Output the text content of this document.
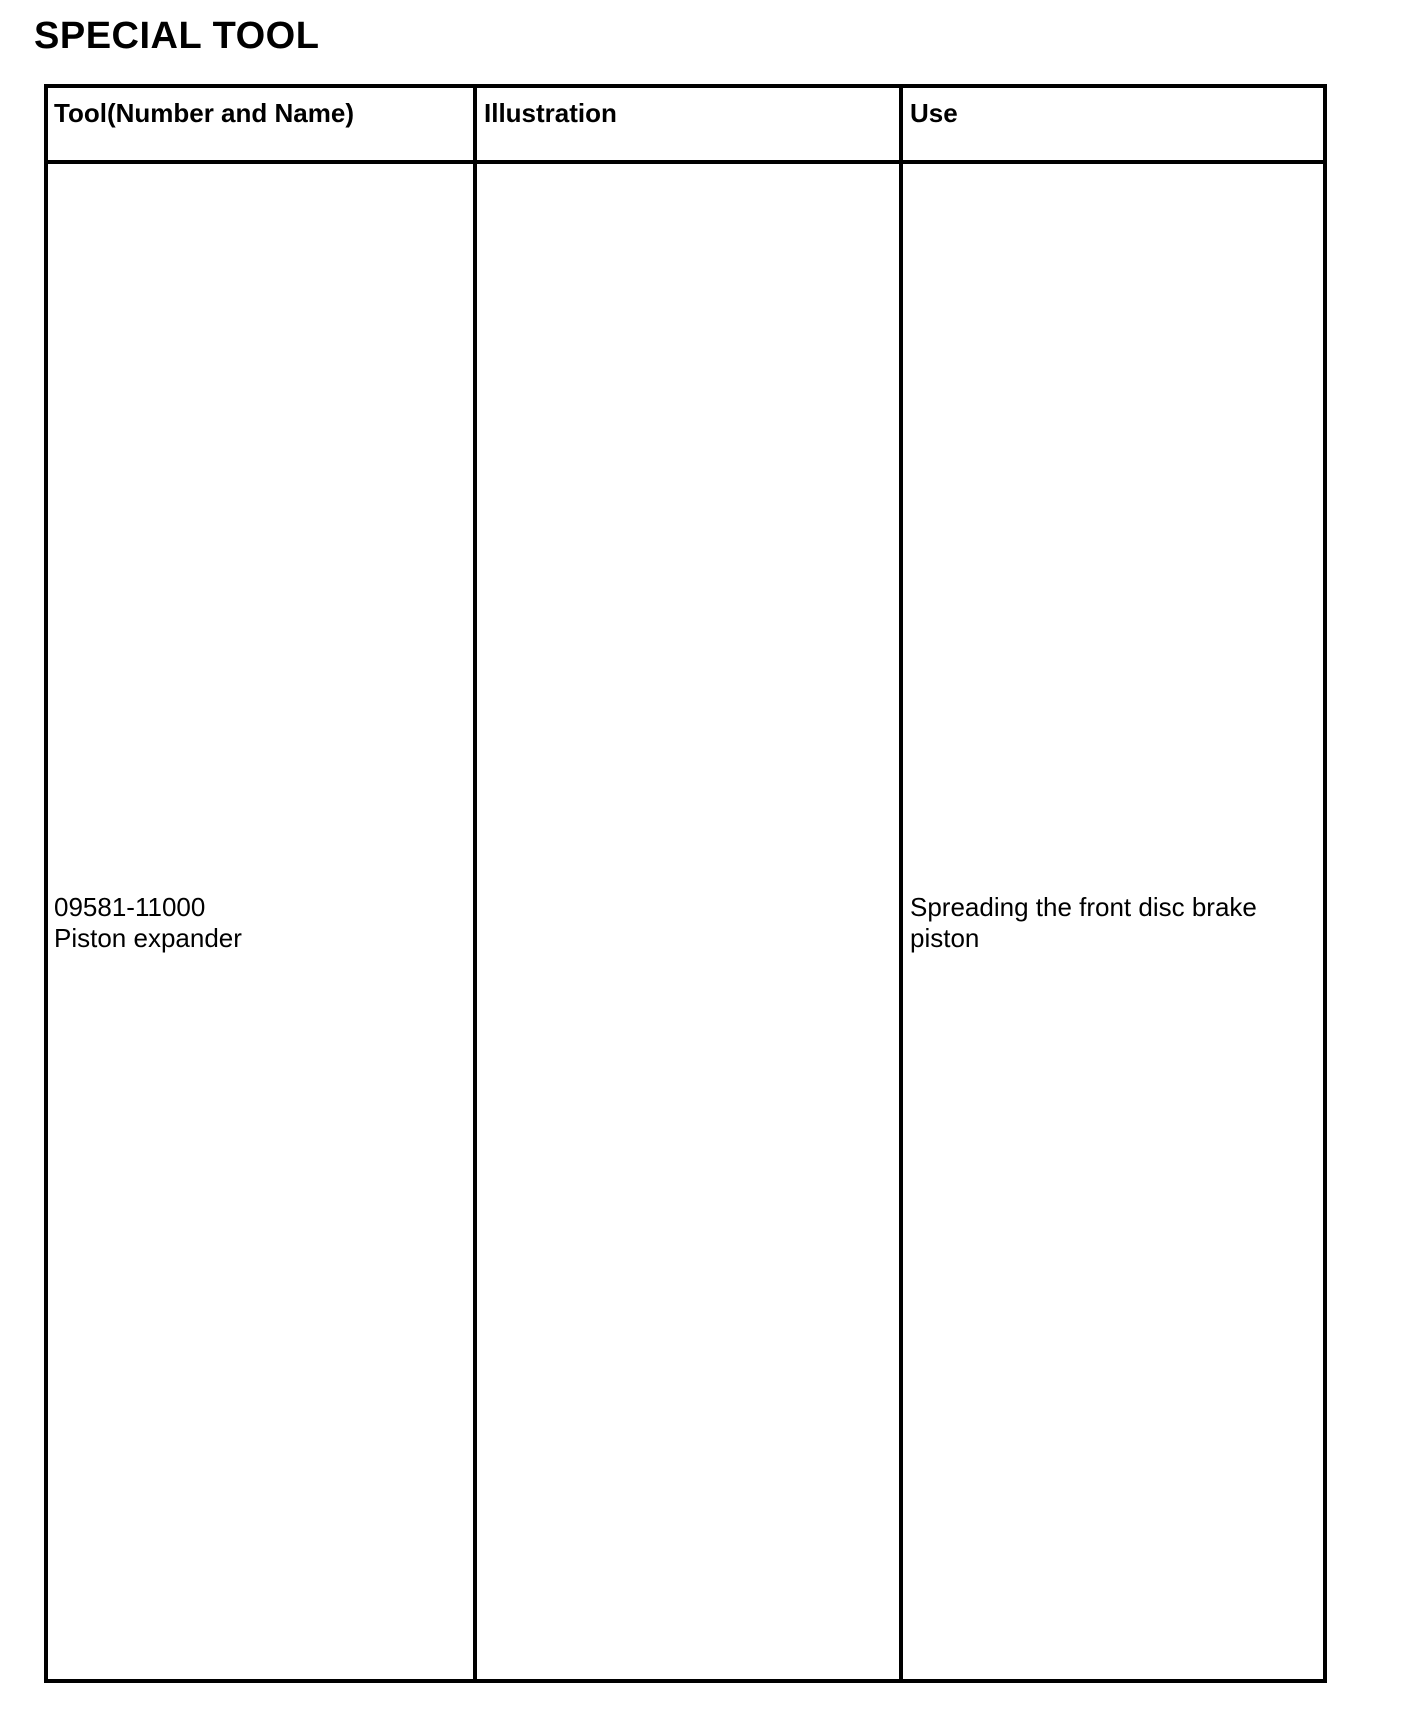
SPECIAL TOOL
Tool(Number and Name)	Illustration	Use
09581-11000
Piston expander
Spreading the front disc brake
piston
